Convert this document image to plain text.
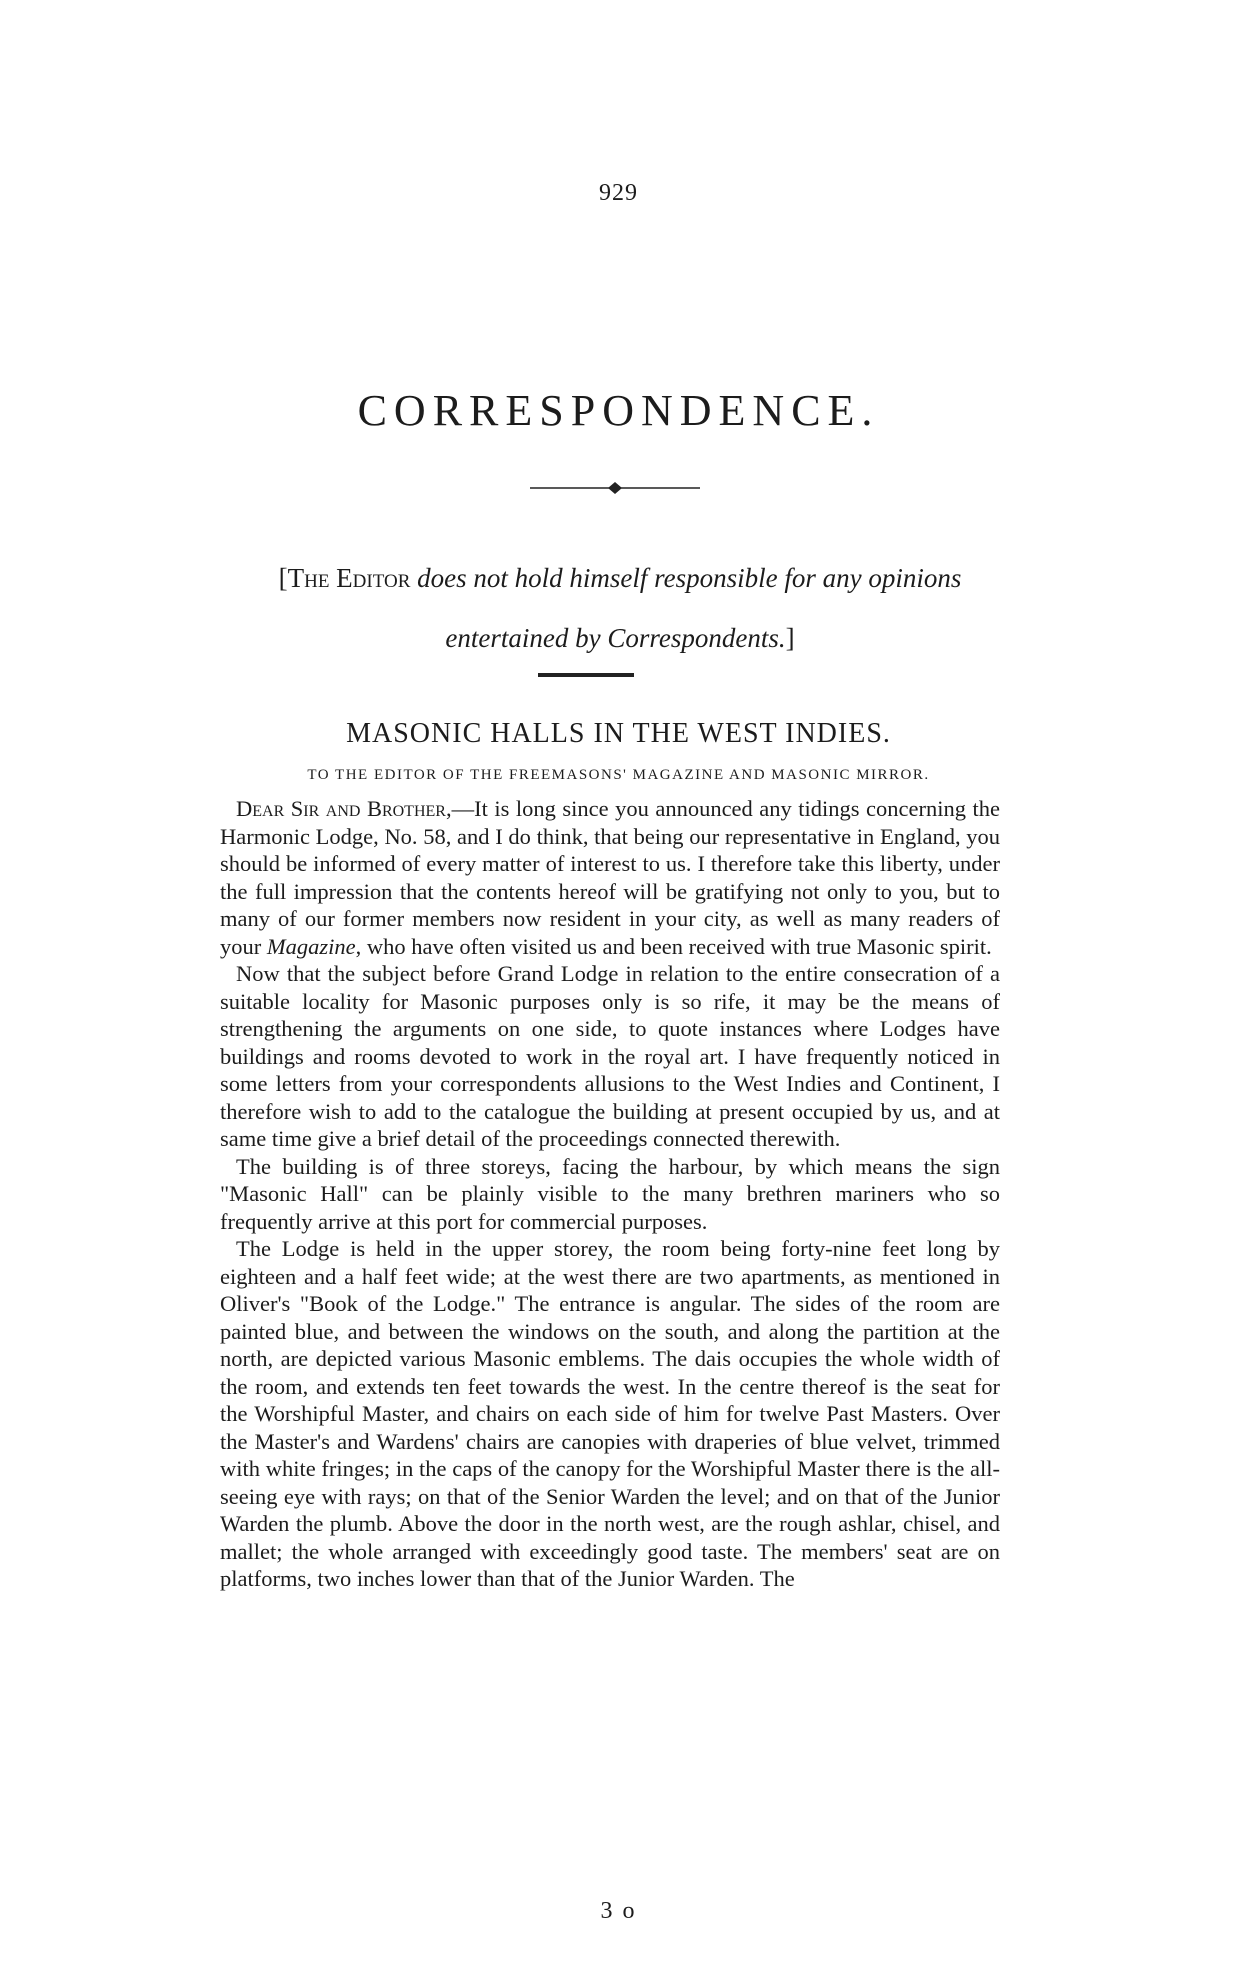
929
CORRESPONDENCE.

[The Editor does not hold himself responsible for any opinions
entertained by Correspondents.]

MASONIC HALLS IN THE WEST INDIES.
TO THE EDITOR OF THE FREEMASONS' MAGAZINE AND MASONIC MIRROR.

Dear Sir and Brother,—It is long since you announced any tidings concerning the Harmonic Lodge, No. 58, and I do think, that being our representative in England, you should be informed of every matter of interest to us. I therefore take this liberty, under the full impression that the contents hereof will be gratifying not only to you, but to many of our former members now resident in your city, as well as many readers of your Magazine, who have often visited us and been received with true Masonic spirit.

Now that the subject before Grand Lodge in relation to the entire consecration of a suitable locality for Masonic purposes only is so rife, it may be the means of strengthening the arguments on one side, to quote instances where Lodges have buildings and rooms devoted to work in the royal art. I have frequently noticed in some letters from your correspondents allusions to the West Indies and Continent, I therefore wish to add to the catalogue the building at present occupied by us, and at same time give a brief detail of the proceedings connected therewith.

The building is of three storeys, facing the harbour, by which means the sign "Masonic Hall" can be plainly visible to the many brethren mariners who so frequently arrive at this port for commercial purposes.

The Lodge is held in the upper storey, the room being forty-nine feet long by eighteen and a half feet wide; at the west there are two apartments, as mentioned in Oliver's "Book of the Lodge." The entrance is angular. The sides of the room are painted blue, and between the windows on the south, and along the partition at the north, are depicted various Masonic emblems. The dais occupies the whole width of the room, and extends ten feet towards the west. In the centre thereof is the seat for the Worshipful Master, and chairs on each side of him for twelve Past Masters. Over the Master's and Wardens' chairs are canopies with draperies of blue velvet, trimmed with white fringes; in the caps of the canopy for the Worshipful Master there is the all-seeing eye with rays; on that of the Senior Warden the level; and on that of the Junior Warden the plumb. Above the door in the north west, are the rough ashlar, chisel, and mallet; the whole arranged with exceedingly good taste. The members' seat are on platforms, two inches lower than that of the Junior Warden. The

3 o
